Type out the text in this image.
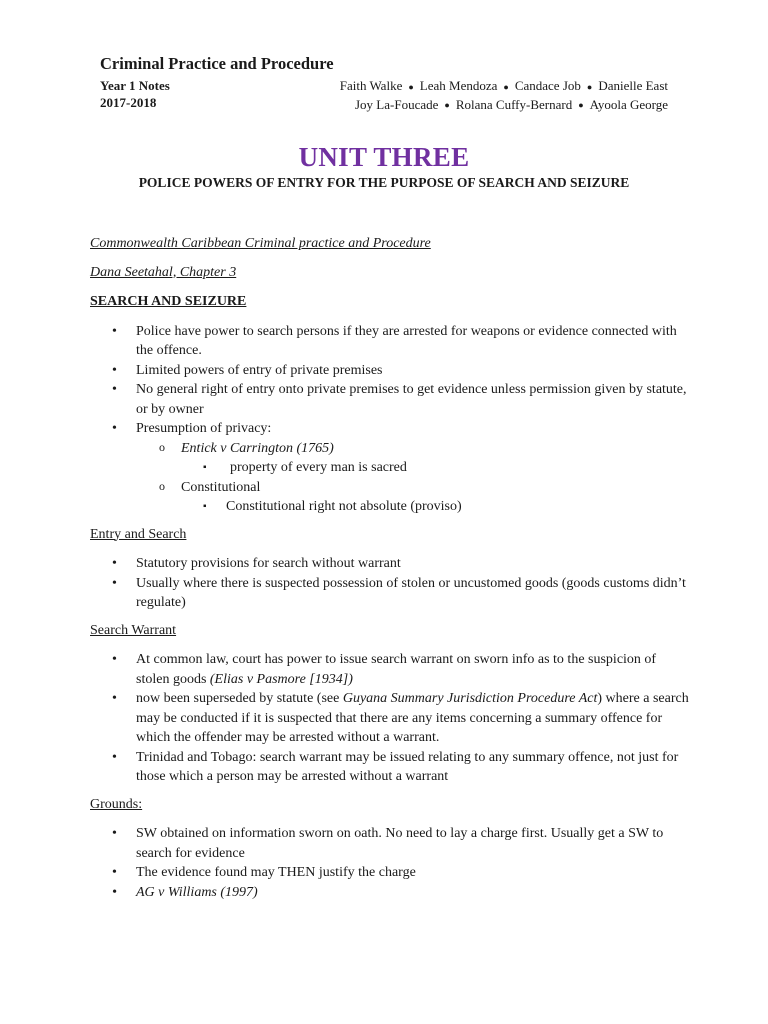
Criminal Practice and Procedure
Year 1 Notes
2017-2018
Faith Walke ● Leah Mendoza ● Candace Job ● Danielle East
Joy La-Foucade ● Rolana Cuffy-Bernard ● Ayoola George
UNIT THREE
POLICE POWERS OF ENTRY FOR THE PURPOSE OF SEARCH AND SEIZURE

Commonwealth Caribbean Criminal practice and Procedure

Dana Seetahal, Chapter 3

SEARCH AND SEIZURE

• Police have power to search persons if they are arrested for weapons or evidence connected with the offence.
• Limited powers of entry of private premises
• No general right of entry onto private premises to get evidence unless permission given by statute, or by owner
• Presumption of privacy:
o Entick v Carrington (1765)
▪ property of every man is sacred
o Constitutional
▪ Constitutional right not absolute (proviso)

Entry and Search

• Statutory provisions for search without warrant
• Usually where there is suspected possession of stolen or uncustomed goods (goods customs didn’t regulate)

Search Warrant

• At common law, court has power to issue search warrant on sworn info as to the suspicion of stolen goods (Elias v Pasmore [1934])
• now been superseded by statute (see Guyana Summary Jurisdiction Procedure Act) where a search may be conducted if it is suspected that there are any items concerning a summary offence for which the offender may be arrested without a warrant.
• Trinidad and Tobago: search warrant may be issued relating to any summary offence, not just for those which a person may be arrested without a warrant

Grounds:

• SW obtained on information sworn on oath. No need to lay a charge first. Usually get a SW to search for evidence
• The evidence found may THEN justify the charge
• AG v Williams (1997)
